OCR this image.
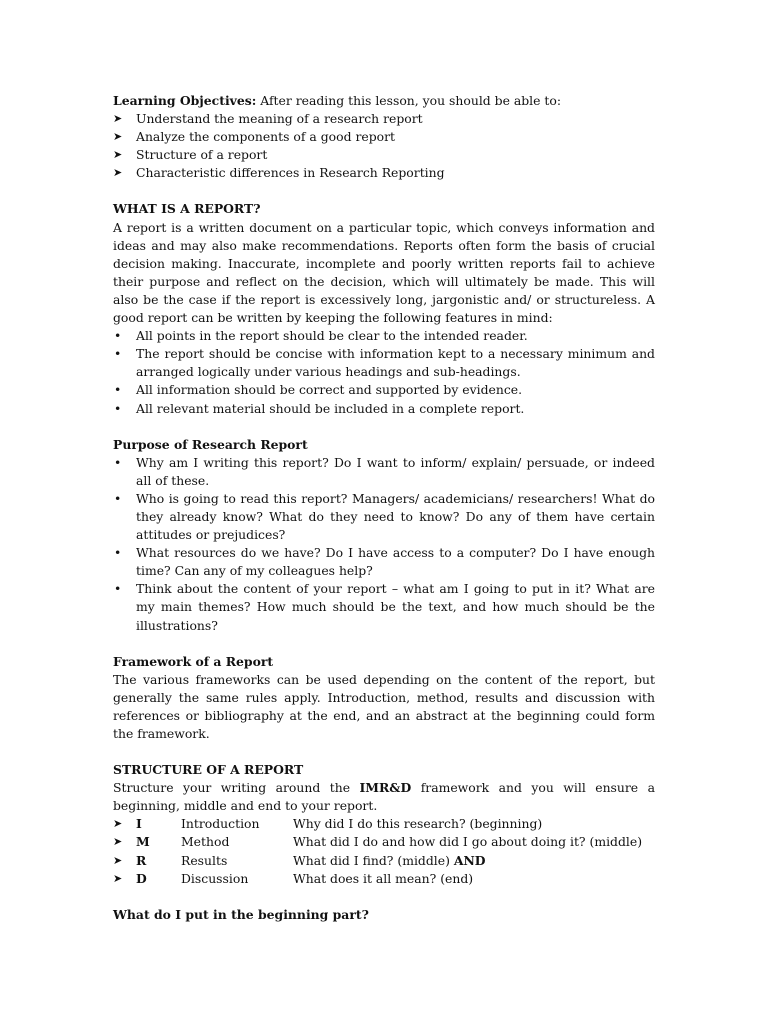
Learning Objectives: After reading this lesson, you should be able to:

➤	Understand the meaning of a research report
➤	Analyze the components of a good report
➤	Structure of a report
➤	Characteristic differences in Research Reporting

WHAT IS A REPORT?

A report is a written document on a particular topic, which conveys information and ideas and may also make recommendations. Reports often form the basis of crucial decision making. Inaccurate, incomplete and poorly written reports fail to achieve their purpose and reflect on the decision, which will ultimately be made. This will also be the case if the report is excessively long, jargonistic and/ or structureless. A good report can be written by keeping the following features in mind:

•	All points in the report should be clear to the intended reader.
•	The report should be concise with information kept to a necessary minimum and arranged logically under various headings and sub-headings.
•	All information should be correct and supported by evidence.
•	All relevant material should be included in a complete report.

Purpose of Research Report

•	Why am I writing this report? Do I want to inform/ explain/ persuade, or indeed all of these.
•	Who is going to read this report? Managers/ academicians/ researchers! What do they already know? What do they need to know? Do any of them have certain attitudes or prejudices?
•	What resources do we have? Do I have access to a computer? Do I have enough time? Can any of my colleagues help?
•	Think about the content of your report – what am I going to put in it? What are my main themes? How much should be the text, and how much should be the illustrations?

Framework of a Report

The various frameworks can be used depending on the content of the report, but generally the same rules apply. Introduction, method, results and discussion with references or bibliography at the end, and an abstract at the beginning could form the framework.

STRUCTURE OF A REPORT

Structure your writing around the IMR&D framework and you will ensure a beginning, middle and end to your report.

➤	I	Introduction	Why did I do this research? (beginning)
➤	M	Method	What did I do and how did I go about doing it? (middle)
➤	R	Results	What did I find? (middle) AND
➤	D	Discussion	What does it all mean? (end)

What do I put in the beginning part?
